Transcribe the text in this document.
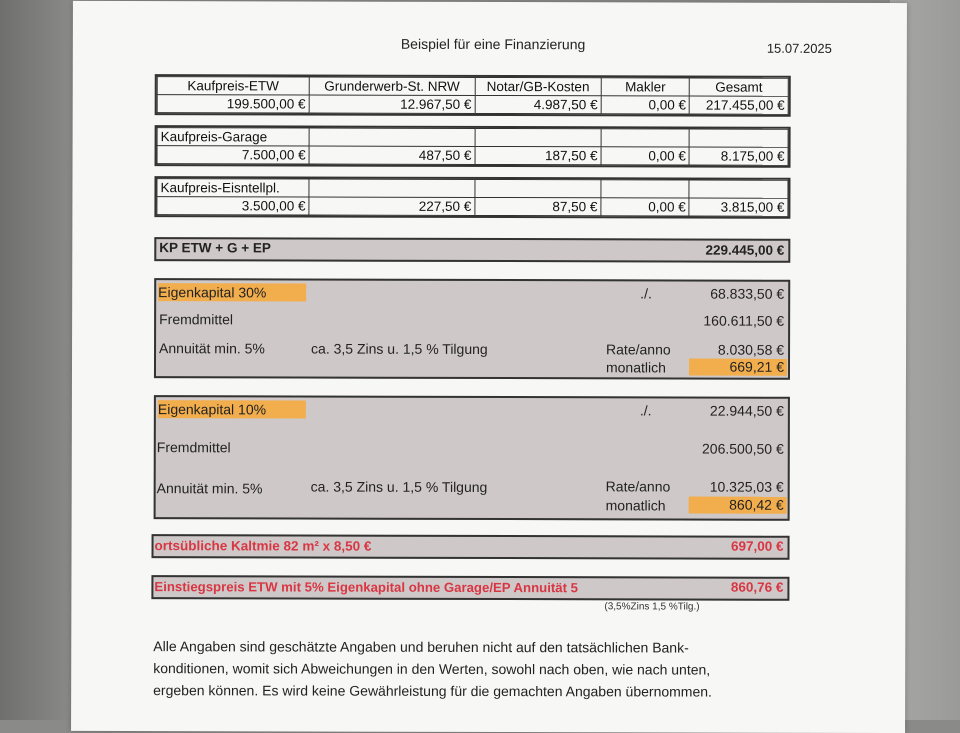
Beispiel für eine Finanzierung	15.07.2025
Kaufpreis-ETW	Grunderwerb-St. NRW	Notar/GB-Kosten	Makler	Gesamt
199.500,00 €	12.967,50 €	4.987,50 €	0,00 €	217.455,00 €
Kaufpreis-Garage				
7.500,00 €	487,50 €	187,50 €	0,00 €	8.175,00 €
Kaufpreis-Eisntellpl.				
3.500,00 €	227,50 €	87,50 €	0,00 €	3.815,00 €
KP ETW + G + EP	229.445,00 €
Eigenkapital 30%	./.	68.833,50 €
Fremdmittel	160.611,50 €
Annuität min. 5%	ca. 3,5 Zins u. 1,5 % Tilgung	Rate/anno	8.030,58 €
monatlich	669,21 €
Eigenkapital 10%	./.	22.944,50 €
Fremdmittel	206.500,50 €
Annuität min. 5%	ca. 3,5 Zins u. 1,5 % Tilgung	Rate/anno	10.325,03 €
monatlich	860,42 €
ortsübliche Kaltmie 82 m² x 8,50 €	697,00 €
Einstiegspreis ETW mit 5% Eigenkapital ohne Garage/EP Annuität 5	860,76 €
(3,5%Zins 1,5 %Tilg.)
Alle Angaben sind geschätzte Angaben und beruhen nicht auf den tatsächlichen Bank-
konditionen, womit sich Abweichungen in den Werten, sowohl nach oben, wie nach unten,
ergeben können. Es wird keine Gewährleistung für die gemachten Angaben übernommen.
